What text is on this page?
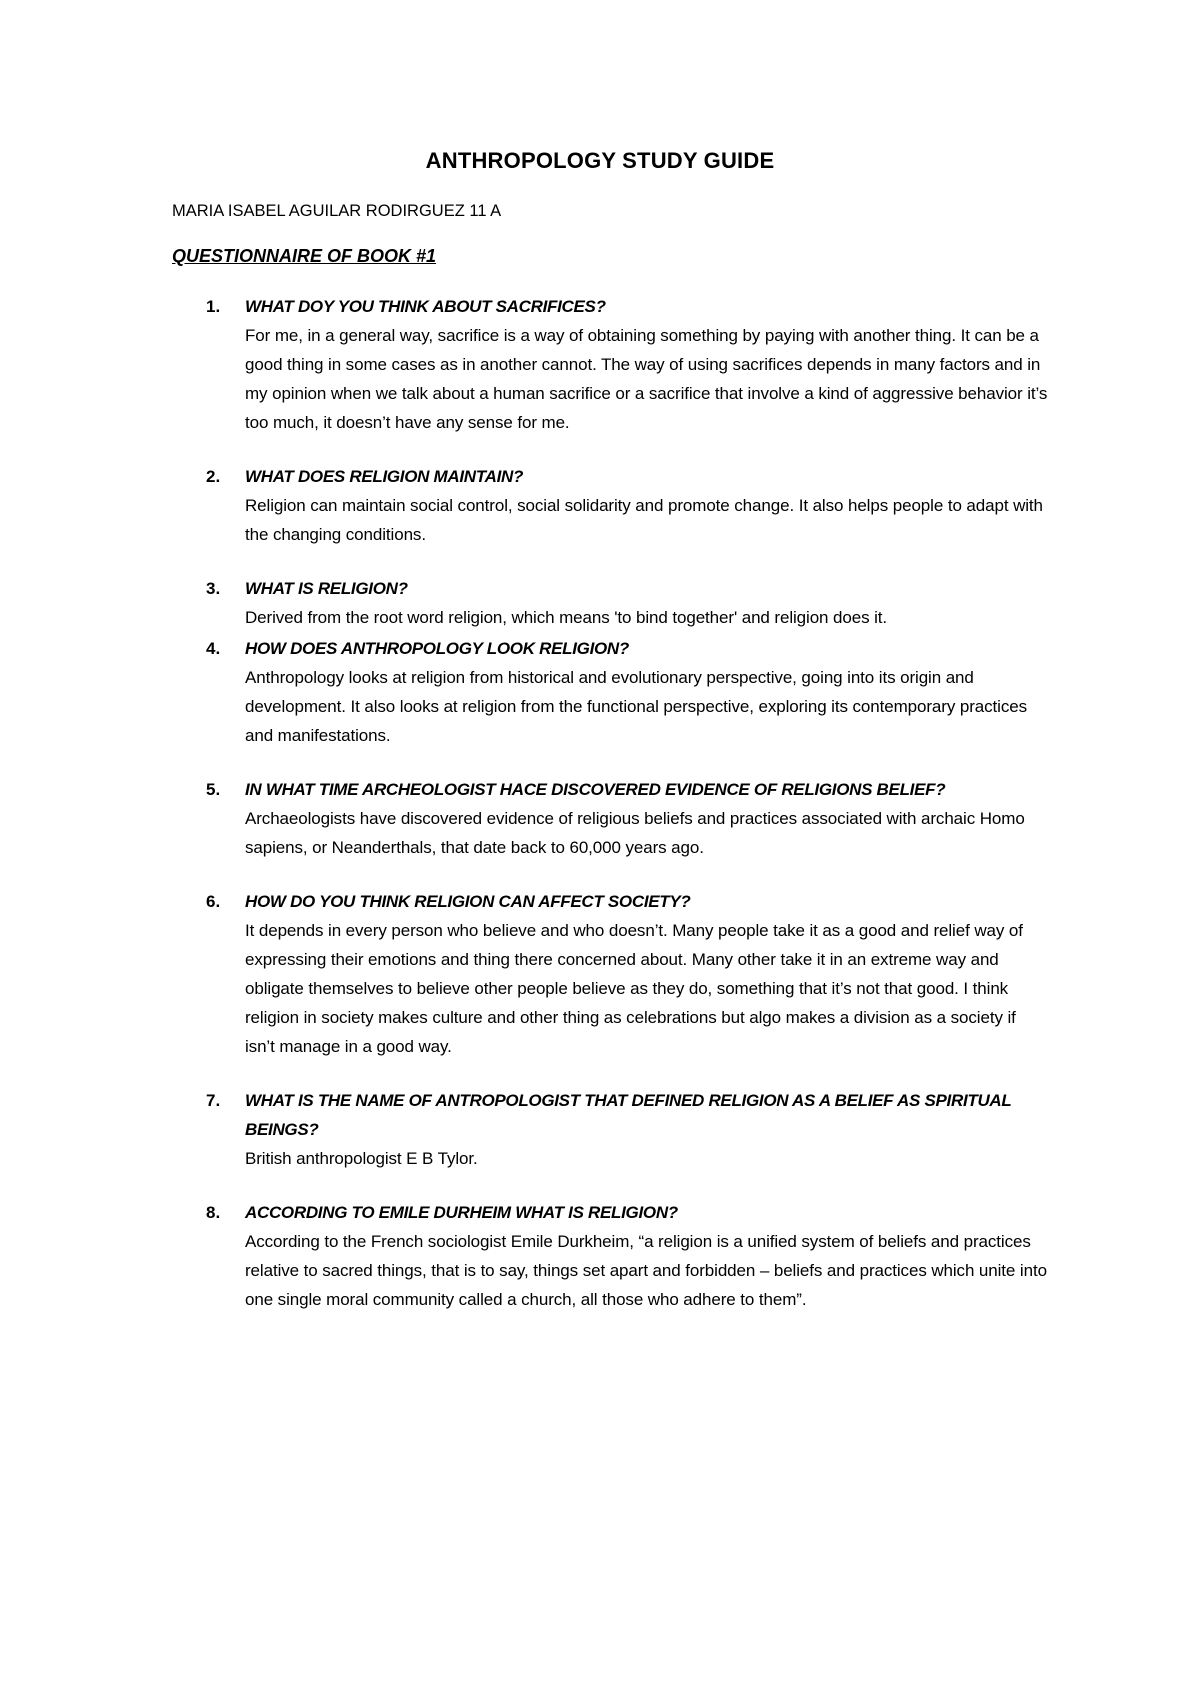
ANTHROPOLOGY STUDY GUIDE
MARIA ISABEL AGUILAR RODIRGUEZ 11 A
QUESTIONNAIRE OF BOOK #1
1. WHAT DOY YOU THINK ABOUT SACRIFICES?
For me, in a general way, sacrifice is a way of obtaining something by paying with another thing. It can be a good thing in some cases as in another cannot. The way of using sacrifices depends in many factors and in my opinion when we talk about a human sacrifice or a sacrifice that involve a kind of aggressive behavior it’s too much, it doesn’t have any sense for me.
2. WHAT DOES RELIGION MAINTAIN?
Religion can maintain social control, social solidarity and promote change. It also helps people to adapt with the changing conditions.
3. WHAT IS RELIGION?
Derived from the root word religion, which means 'to bind together' and religion does it.
4. HOW DOES ANTHROPOLOGY LOOK RELIGION?
Anthropology looks at religion from historical and evolutionary perspective, going into its origin and development. It also looks at religion from the functional perspective, exploring its contemporary practices and manifestations.
5. IN WHAT TIME ARCHEOLOGIST HACE DISCOVERED EVIDENCE OF RELIGIONS BELIEF?
Archaeologists have discovered evidence of religious beliefs and practices associated with archaic Homo sapiens, or Neanderthals, that date back to 60,000 years ago.
6. HOW DO YOU THINK RELIGION CAN AFFECT SOCIETY?
It depends in every person who believe and who doesn’t. Many people take it as a good and relief way of expressing their emotions and thing there concerned about. Many other take it in an extreme way and obligate themselves to believe other people believe as they do, something that it’s not that good. I think religion in society makes culture and other thing as celebrations but algo makes a division as a society if isn’t manage in a good way.
7. WHAT IS THE NAME OF ANTROPOLOGIST THAT DEFINED RELIGION AS A BELIEF AS SPIRITUAL BEINGS?
British anthropologist E B Tylor.
8. ACCORDING TO EMILE DURHEIM WHAT IS RELIGION?
According to the French sociologist Emile Durkheim, “a religion is a unified system of beliefs and practices relative to sacred things, that is to say, things set apart and forbidden – beliefs and practices which unite into one single moral community called a church, all those who adhere to them”.
